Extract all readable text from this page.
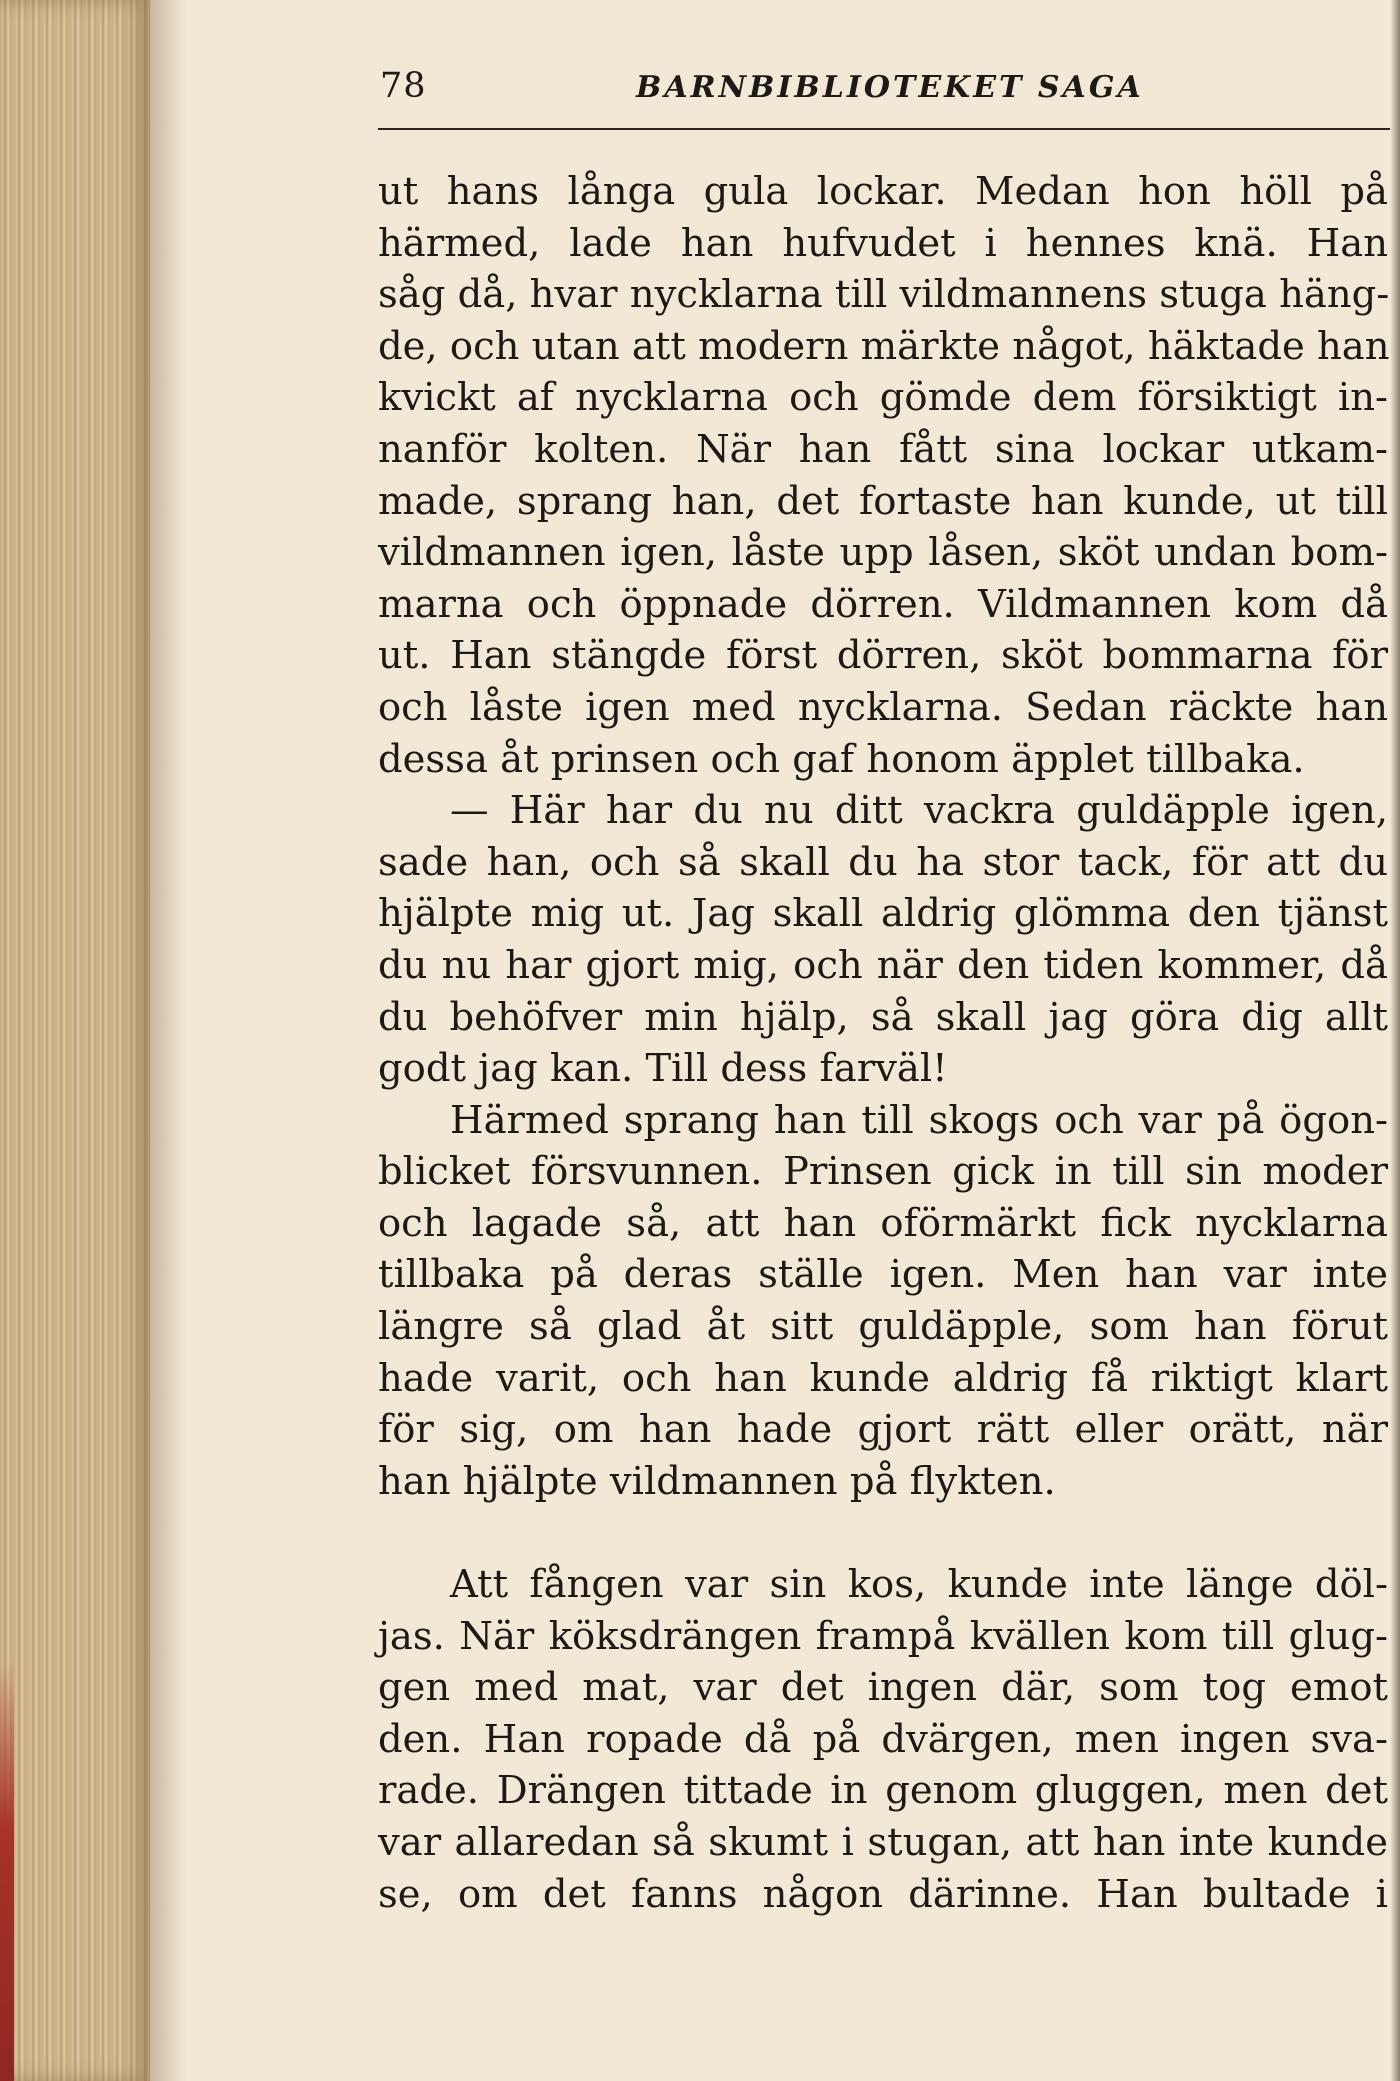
78	BARNBIBLIOTEKET SAGA
ut hans långa gula lockar. Medan hon höll på
härmed, lade han hufvudet i hennes knä. Han
såg då, hvar nycklarna till vildmannens stuga häng-
de, och utan att modern märkte något, häktade han
kvickt af nycklarna och gömde dem försiktigt in-
nanför kolten. När han fått sina lockar utkam-
made, sprang han, det fortaste han kunde, ut till
vildmannen igen, låste upp låsen, sköt undan bom-
marna och öppnade dörren. Vildmannen kom då
ut. Han stängde först dörren, sköt bommarna för
och låste igen med nycklarna. Sedan räckte han
dessa åt prinsen och gaf honom äpplet tillbaka.
— Här har du nu ditt vackra guldäpple igen,
sade han, och så skall du ha stor tack, för att du
hjälpte mig ut. Jag skall aldrig glömma den tjänst
du nu har gjort mig, och när den tiden kommer, då
du behöfver min hjälp, så skall jag göra dig allt
godt jag kan. Till dess farväl!
Härmed sprang han till skogs och var på ögon-
blicket försvunnen. Prinsen gick in till sin moder
och lagade så, att han oförmärkt fick nycklarna
tillbaka på deras ställe igen. Men han var inte
längre så glad åt sitt guldäpple, som han förut
hade varit, och han kunde aldrig få riktigt klart
för sig, om han hade gjort rätt eller orätt, när
han hjälpte vildmannen på flykten.
Att fången var sin kos, kunde inte länge döl-
jas. När köksdrängen frampå kvällen kom till glug-
gen med mat, var det ingen där, som tog emot
den. Han ropade då på dvärgen, men ingen sva-
rade. Drängen tittade in genom gluggen, men det
var allaredan så skumt i stugan, att han inte kunde
se, om det fanns någon därinne. Han bultade i
